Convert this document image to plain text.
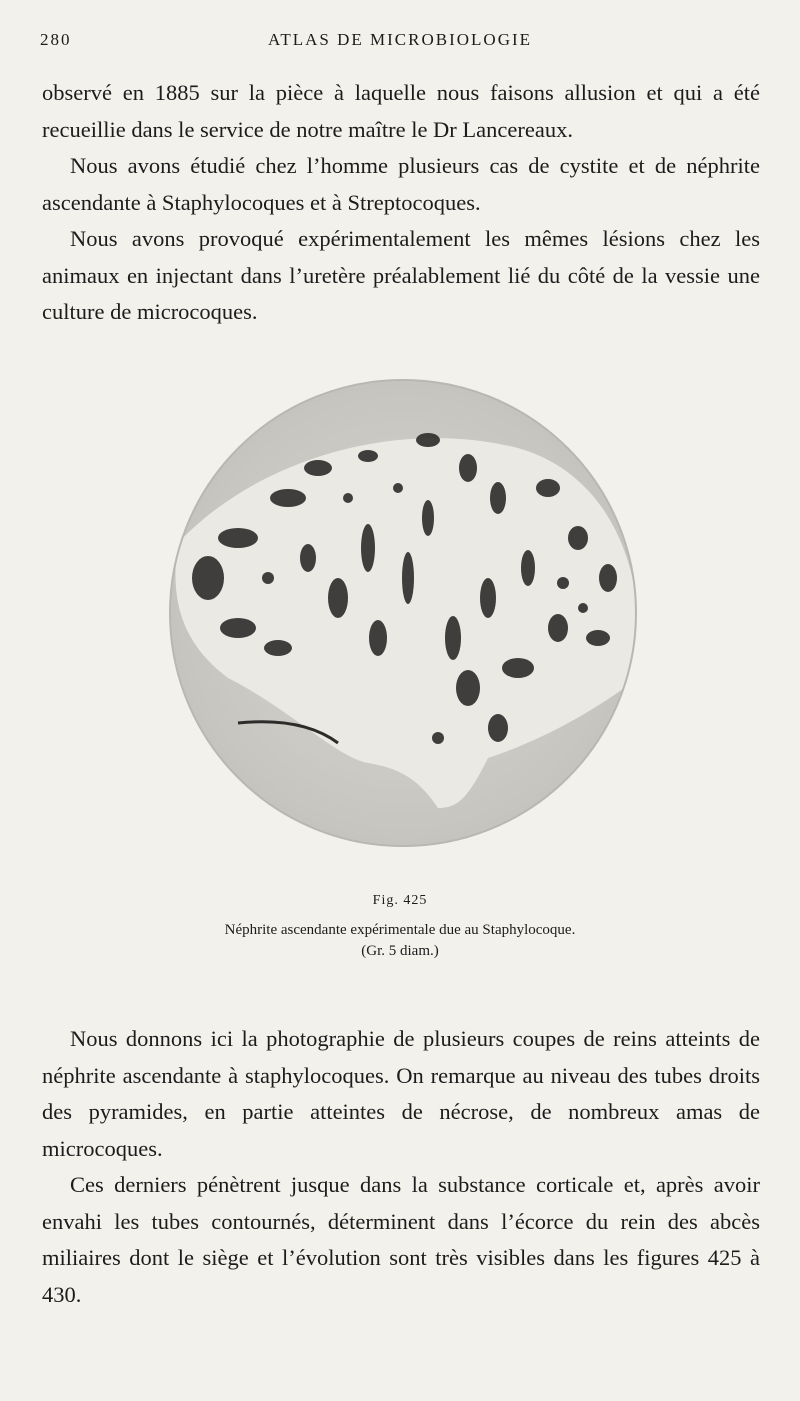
280	ATLAS DE MICROBIOLOGIE

observé en 1885 sur la pièce à laquelle nous faisons allusion et qui a été recueillie dans le service de notre maître le Dr Lancereaux.

Nous avons étudié chez l’homme plusieurs cas de cystite et de néphrite ascendante à Staphylocoques et à Streptocoques.

Nous avons provoqué expérimentalement les mêmes lésions chez les animaux en injectant dans l’uretère préalablement lié du côté de la vessie une culture de microcoques.

Fig. 425
Néphrite ascendante expérimentale due au Staphylocoque.
(Gr. 5 diam.)

Nous donnons ici la photographie de plusieurs coupes de reins atteints de néphrite ascendante à staphylocoques. On remarque au niveau des tubes droits des pyramides, en partie atteintes de nécrose, de nombreux amas de microcoques.

Ces derniers pénètrent jusque dans la substance corticale et, après avoir envahi les tubes contournés, déterminent dans l’écorce du rein des abcès miliaires dont le siège et l’évolution sont très visibles dans les figures 425 à 430.
